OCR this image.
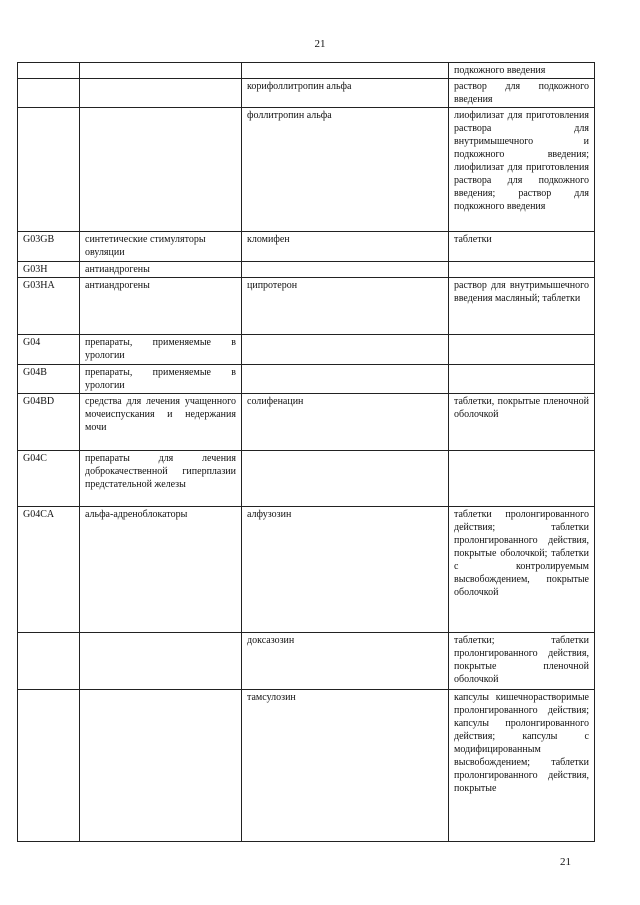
21
			подкожного введения
		корифоллитропин альфа	раствор для подкожного введения
		фоллитропин альфа	лиофилизат для приготовления раствора для внутримышечного и подкожного введения; лиофилизат для приготовления раствора для подкожного введения; раствор для подкожного введения
G03GB	синтетические стимуляторы овуляции	кломифен	таблетки
G03H	антиандрогены		
G03HA	антиандрогены	ципротерон	раствор для внутримышечного введения масляный; таблетки
G04	препараты, применяемые в урологии		
G04B	препараты, применяемые в урологии		
G04BD	средства для лечения учащенного мочеиспускания и недержания мочи	солифенацин	таблетки, покрытые пленочной оболочкой
G04C	препараты для лечения доброкачественной гиперплазии предстательной железы		
G04CA	альфа-адреноблокаторы	алфузозин	таблетки пролонгированного действия; таблетки пролонгированного действия, покрытые оболочкой; таблетки с контролируемым высвобождением, покрытые оболочкой
		доксазозин	таблетки; таблетки пролонгированного действия, покрытые пленочной оболочкой
		тамсулозин	капсулы кишечнорастворимые пролонгированного действия; капсулы пролонгированного действия; капсулы с модифицированным высвобождением; таблетки пролонгированного действия, покрытые
21
